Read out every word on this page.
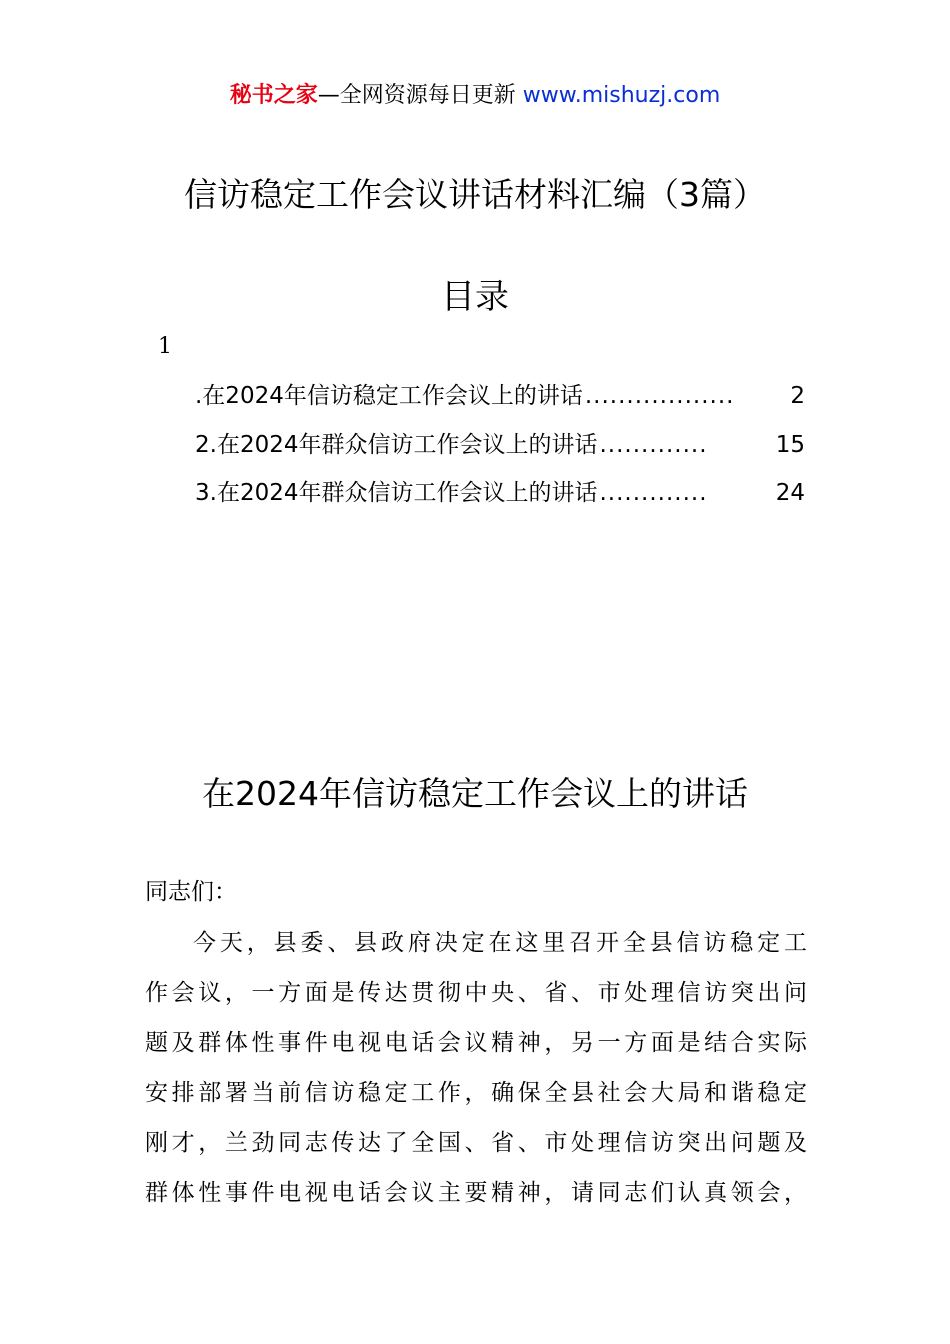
秘书之家—全网资源每日更新 www.mishuzj.com
信访稳定工作会议讲话材料汇编（3篇）
目录
1
.在2024年信访稳定工作会议上的讲话 ..................	2
2.在2024年群众信访工作会议上的讲话 .............	15
3.在2024年群众信访工作会议上的讲话 .............	24
在2024年信访稳定工作会议上的讲话
同志们：
今天，县委、县政府决定在这里召开全县信访稳定工
作会议，一方面是传达贯彻中央、省、市处理信访突出问
题及群体性事件电视电话会议精神，另一方面是结合实际
安排部署当前信访稳定工作，确保全县社会大局和谐稳定
刚才，兰劲同志传达了全国、省、市处理信访突出问题及
群体性事件电视电话会议主要精神，请同志们认真领会，
